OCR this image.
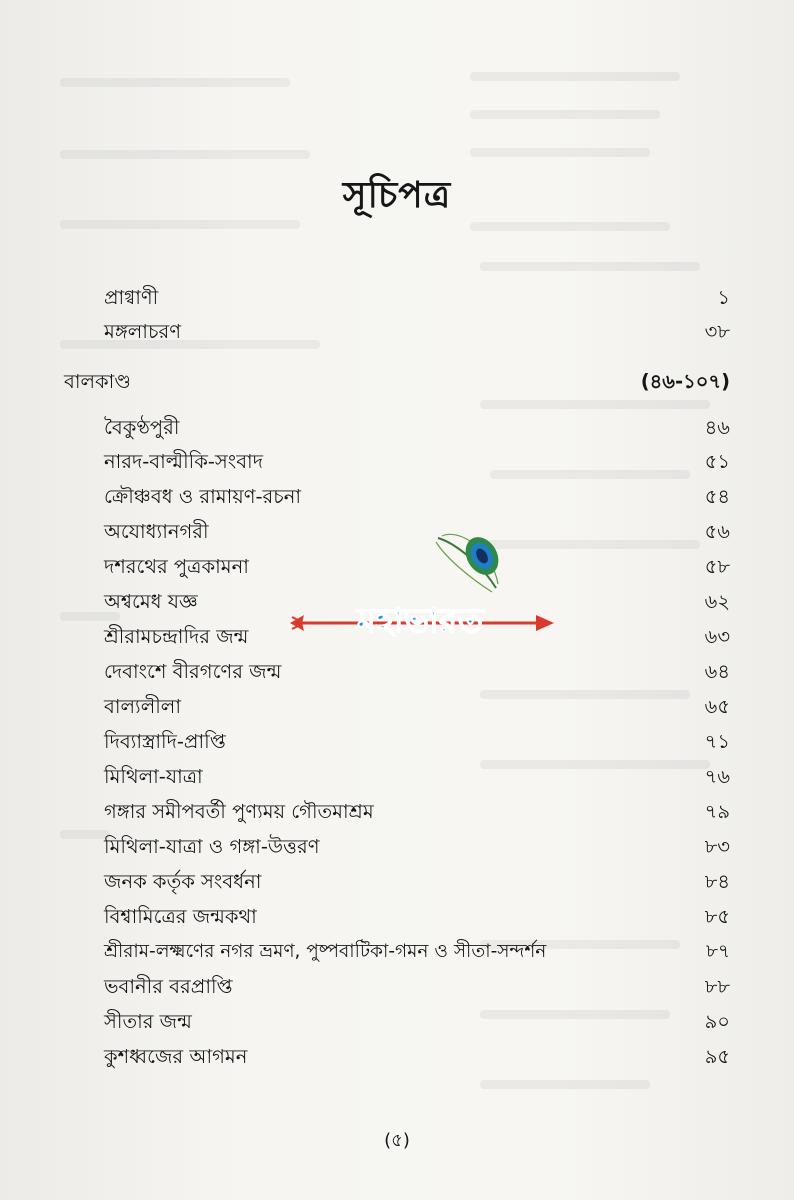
সূচিপত্র
প্রাগ্বাণী	১
মঙ্গলাচরণ	৩৮
বালকাণ্ড	(৪৬-১০৭)
বৈকুণ্ঠপুরী	৪৬
নারদ-বাল্মীকি-সংবাদ	৫১
ক্রৌঞ্চবধ ও রামায়ণ-রচনা	৫৪
অযোধ্যানগরী	৫৬
দশরথের পুত্রকামনা	৫৮
অশ্বমেধ যজ্ঞ	৬২
শ্রীরামচন্দ্রাদির জন্ম	৬৩
দেবাংশে বীরগণের জন্ম	৬৪
বাল্যলীলা	৬৫
দিব্যাস্ত্রাদি-প্রাপ্তি	৭১
মিথিলা-যাত্রা	৭৬
গঙ্গার সমীপবর্তী পুণ্যময় গৌতমাশ্রম	৭৯
মিথিলা-যাত্রা ও গঙ্গা-উত্তরণ	৮৩
জনক কর্তৃক সংবর্ধনা	৮৪
বিশ্বামিত্রের জন্মকথা	৮৫
শ্রীরাম-লক্ষ্মণের নগর ভ্রমণ, পুষ্পবাটিকা-গমন ও সীতা-সন্দর্শন	৮৭
ভবানীর বরপ্রাপ্তি	৮৮
সীতার জন্ম	৯০
কুশধ্বজের আগমন	৯৫
মহাভারত
(৫)
